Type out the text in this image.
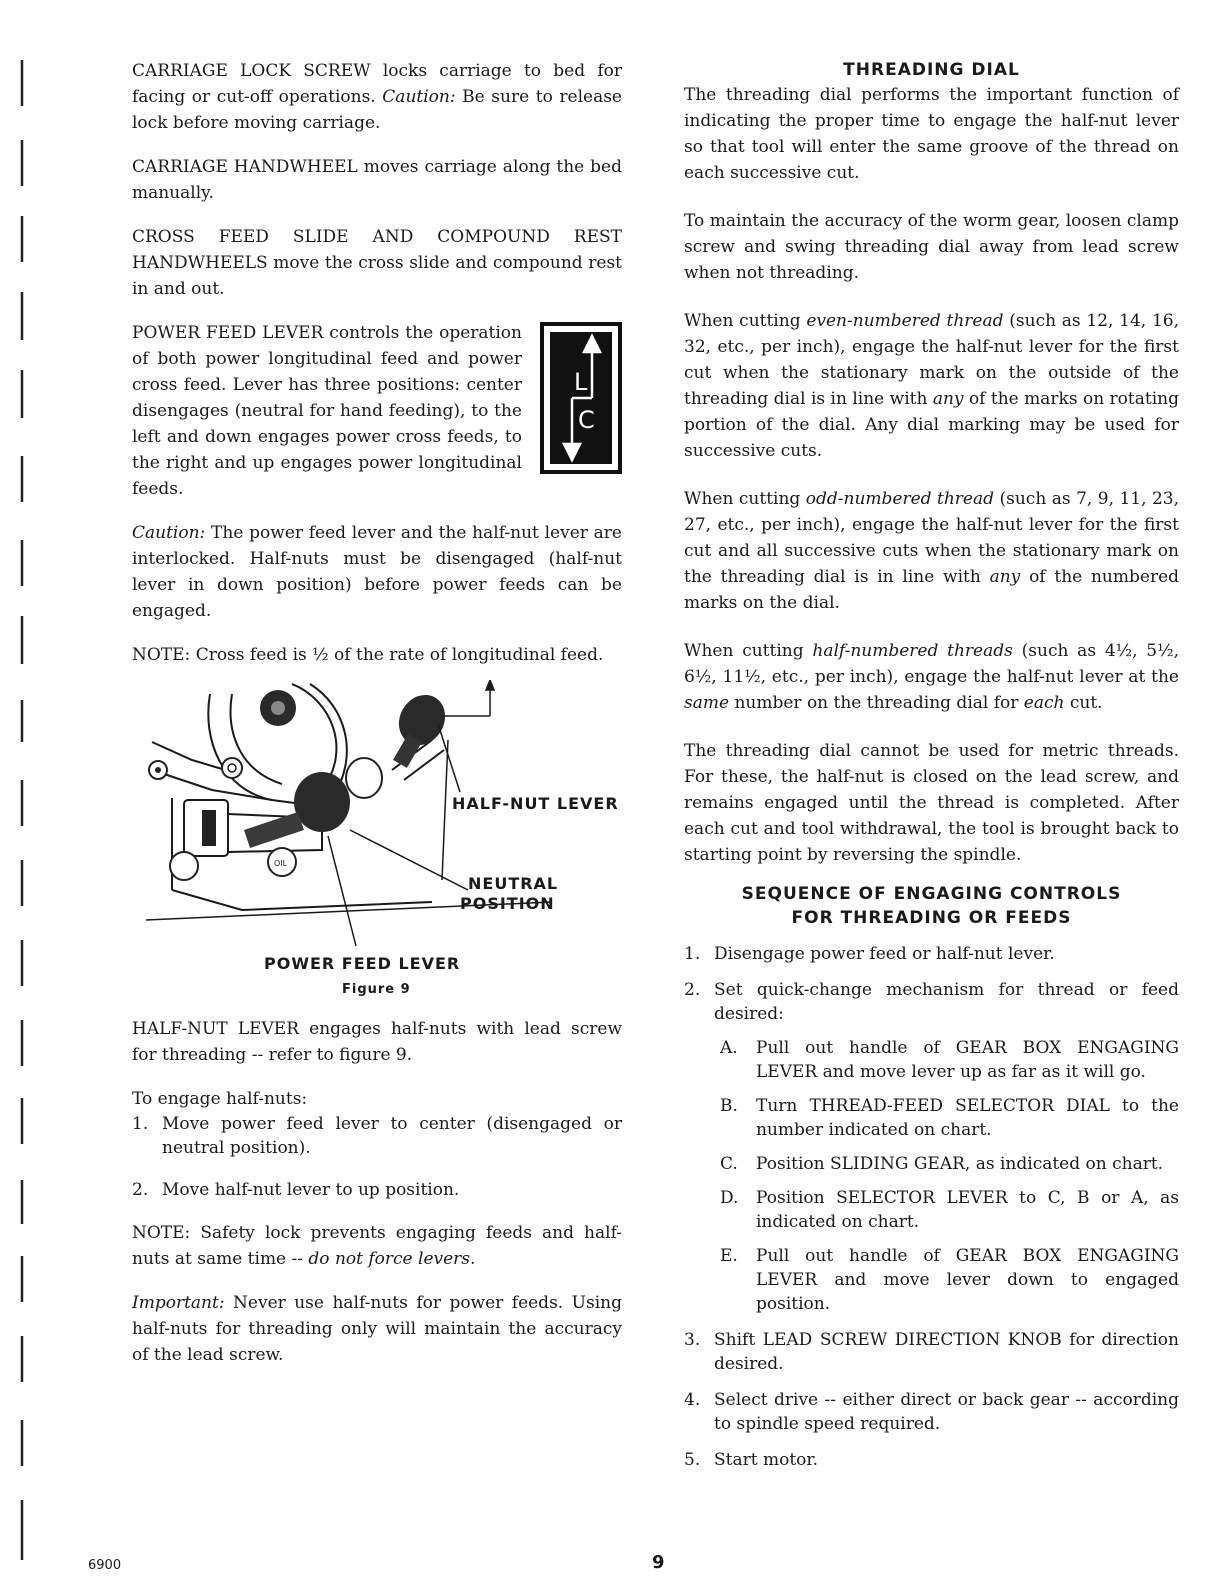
CARRIAGE LOCK SCREW locks carriage to bed for facing or cut-off operations. Caution: Be sure to release lock before moving carriage.

CARRIAGE HANDWHEEL moves carriage along the bed manually.

CROSS FEED SLIDE AND COMPOUND REST HANDWHEELS move the cross slide and compound rest in and out.

POWER FEED LEVER controls the operation of both power longitudinal feed and power cross feed. Lever has three positions: center disengages (neutral for hand feeding), to the left and down engages power cross feeds, to the right and up engages power longitudinal feeds.

L
C

Caution: The power feed lever and the half-nut lever are interlocked. Half-nuts must be disengaged (half-nut lever in down position) before power feeds can be engaged.

NOTE: Cross feed is ½ of the rate of longitudinal feed.

OIL
HALF-NUT LEVER
NEUTRAL
POSITION
POWER FEED LEVER
Figure 9

HALF-NUT LEVER engages half-nuts with lead screw for threading -- refer to figure 9.

To engage half-nuts:

1. Move power feed lever to center (disengaged or neutral position).
2. Move half-nut lever to up position.

NOTE: Safety lock prevents engaging feeds and half-nuts at same time -- do not force levers.

Important: Never use half-nuts for power feeds. Using half-nuts for threading only will maintain the accuracy of the lead screw.

THREADING DIAL

The threading dial performs the important function of indicating the proper time to engage the half-nut lever so that tool will enter the same groove of the thread on each successive cut.

To maintain the accuracy of the worm gear, loosen clamp screw and swing threading dial away from lead screw when not threading.

When cutting even-numbered thread (such as 12, 14, 16, 32, etc., per inch), engage the half-nut lever for the first cut when the stationary mark on the outside of the threading dial is in line with any of the marks on rotating portion of the dial. Any dial marking may be used for successive cuts.

When cutting odd-numbered thread (such as 7, 9, 11, 23, 27, etc., per inch), engage the half-nut lever for the first cut and all successive cuts when the stationary mark on the threading dial is in line with any of the numbered marks on the dial.

When cutting half-numbered threads (such as 4½, 5½, 6½, 11½, etc., per inch), engage the half-nut lever at the same number on the threading dial for each cut.

The threading dial cannot be used for metric threads. For these, the half-nut is closed on the lead screw, and remains engaged until the thread is completed. After each cut and tool withdrawal, the tool is brought back to starting point by reversing the spindle.

SEQUENCE OF ENGAGING CONTROLS
FOR THREADING OR FEEDS
1. Disengage power feed or half-nut lever.
2. Set quick-change mechanism for thread or feed desired:
A.	Pull out handle of GEAR BOX ENGAGING LEVER and move lever up as far as it will go.
B.	Turn THREAD-FEED SELECTOR DIAL to the number indicated on chart.
C.	Position SLIDING GEAR, as indicated on chart.
D.	Position SELECTOR LEVER to C, B or A, as indicated on chart.
E.	Pull out handle of GEAR BOX ENGAGING LEVER and move lever down to engaged position.
3. Shift LEAD SCREW DIRECTION KNOB for direction desired.
4. Select drive -- either direct or back gear -- according to spindle speed required.
5. Start motor.
6900	9
